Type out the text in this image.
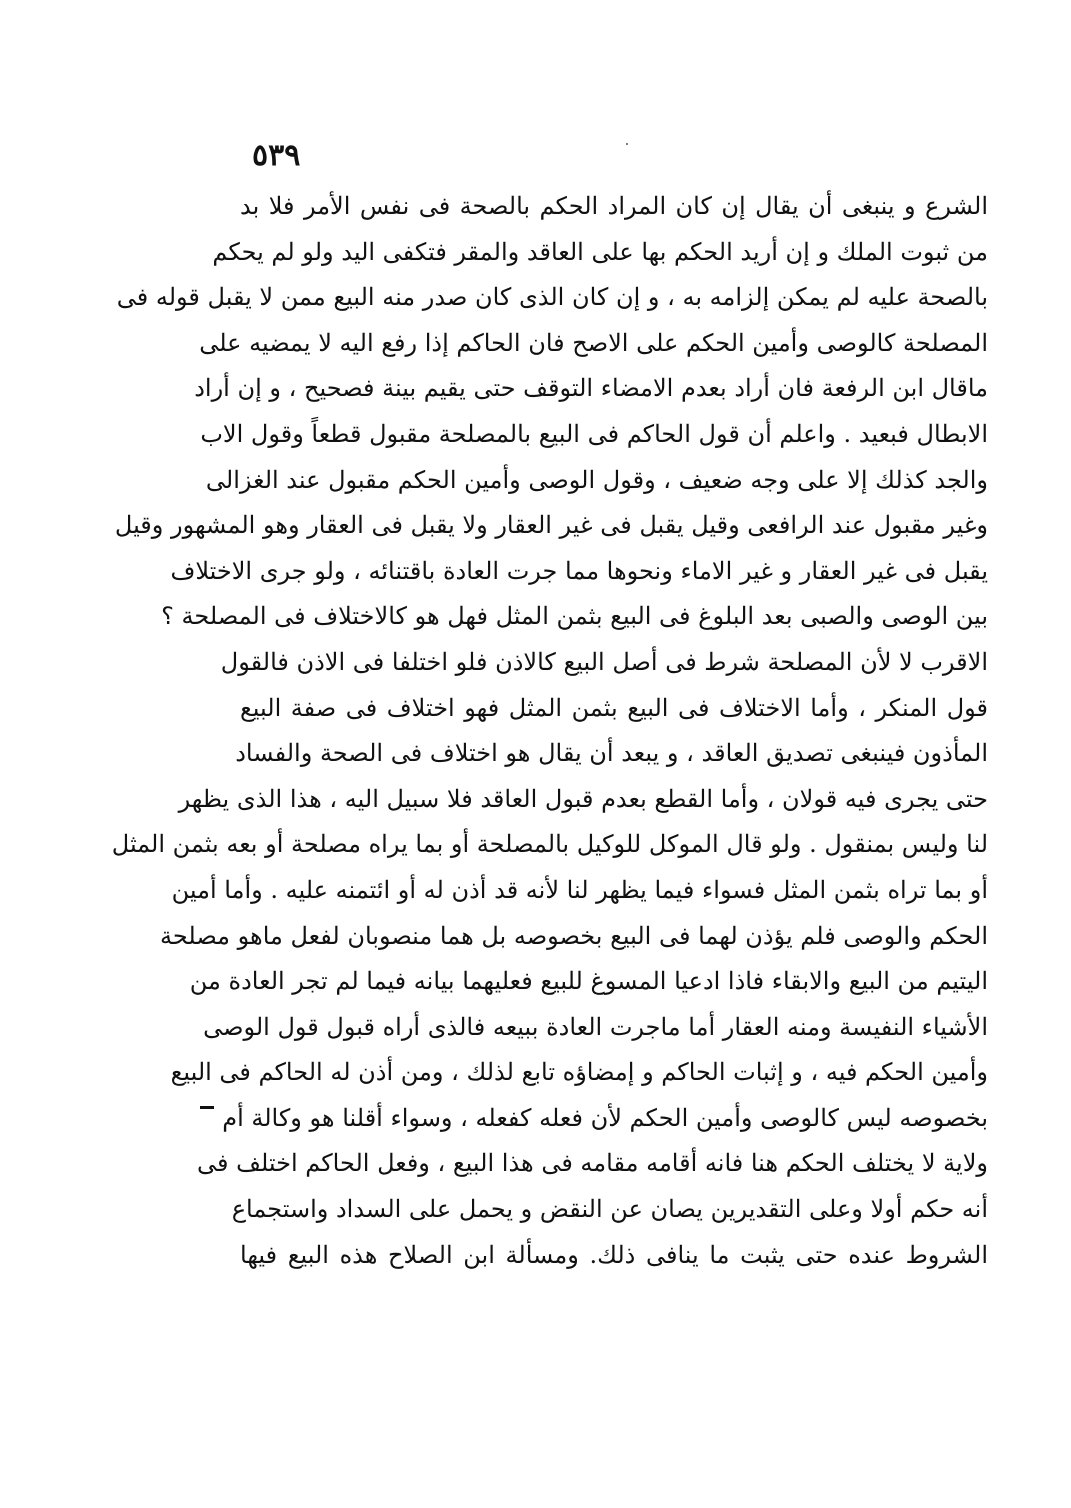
٥٣٩
الشرع و ينبغى أن يقال إن كان المراد الحكم بالصحة فى نفس الأمر فلا بد
من ثبوت الملك و إن أريد الحكم بها على العاقد والمقر فتكفى اليد ولو لم يحكم
بالصحة عليه لم يمكن إلزامه به ، و إن كان الذى كان صدر منه البيع ممن لا يقبل قوله فى
المصلحة كالوصى وأمين الحكم على الاصح فان الحاكم إذا رفع اليه لا يمضيه على
ماقال ابن الرفعة فان أراد بعدم الامضاء التوقف حتى يقيم بينة فصحيح ، و إن أراد
الابطال فبعيد . واعلم أن قول الحاكم فى البيع بالمصلحة مقبول قطعاً وقول الاب
والجد كذلك إلا على وجه ضعيف ، وقول الوصى وأمين الحكم مقبول عند الغزالى
وغير مقبول عند الرافعى وقيل يقبل فى غير العقار ولا يقبل فى العقار وهو المشهور وقيل
يقبل فى غير العقار و غير الاماء ونحوها مما جرت العادة باقتنائه ، ولو جرى الاختلاف
بين الوصى والصبى بعد البلوغ فى البيع بثمن المثل فهل هو كالاختلاف فى المصلحة ؟
الاقرب لا لأن المصلحة شرط فى أصل البيع كالاذن فلو اختلفا فى الاذن فالقول
قول المنكر ، وأما الاختلاف فى البيع بثمن المثل فهو اختلاف فى صفة البيع
المأذون فينبغى تصديق العاقد ، و يبعد أن يقال هو اختلاف فى الصحة والفساد
حتى يجرى فيه قولان ، وأما القطع بعدم قبول العاقد فلا سبيل اليه ، هذا الذى يظهر
لنا وليس بمنقول . ولو قال الموكل للوكيل بالمصلحة أو بما يراه مصلحة أو بعه بثمن المثل
أو بما تراه بثمن المثل فسواء فيما يظهر لنا لأنه قد أذن له أو ائتمنه عليه . وأما أمين
الحكم والوصى فلم يؤذن لهما فى البيع بخصوصه بل هما منصوبان لفعل ماهو مصلحة
اليتيم من البيع والابقاء فاذا ادعيا المسوغ للبيع فعليهما بيانه فيما لم تجر العادة من
الأشياء النفيسة ومنه العقار أما ماجرت العادة ببيعه فالذى أراه قبول قول الوصى
وأمين الحكم فيه ، و إثبات الحاكم و إمضاؤه تابع لذلك ، ومن أذن له الحاكم فى البيع
بخصوصه ليس كالوصى وأمين الحكم لأن فعله كفعله ، وسواء أقلنا هو وكالة أم
ولاية لا يختلف الحكم هنا فانه أقامه مقامه فى هذا البيع ، وفعل الحاكم اختلف فى
أنه حكم أولا وعلى التقديرين يصان عن النقض و يحمل على السداد واستجماع
الشروط عنده حتى يثبت ما ينافى ذلك. ومسألة ابن الصلاح هذه البيع فيها
